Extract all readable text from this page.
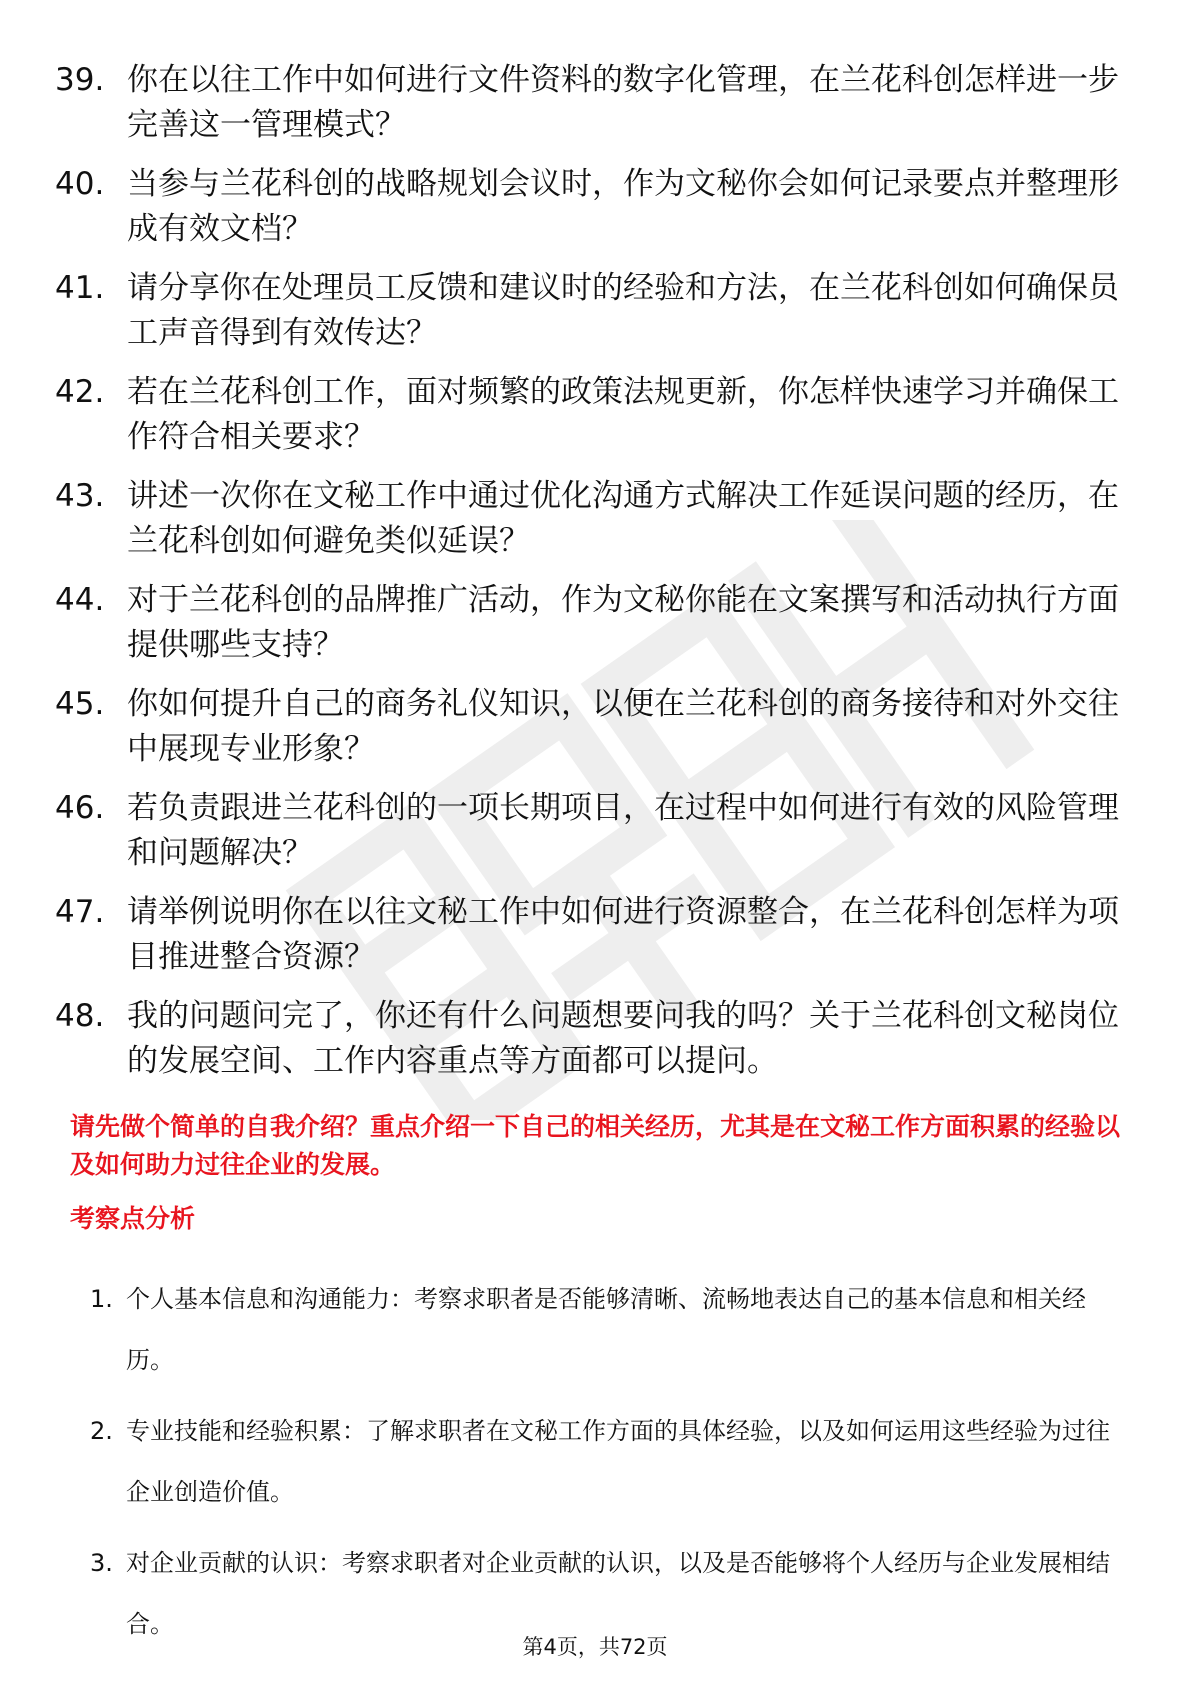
39. 你在以往工作中如何进行文件资料的数字化管理，在兰花科创怎样进一步完善这一管理模式？
40. 当参与兰花科创的战略规划会议时，作为文秘你会如何记录要点并整理形成有效文档？
41. 请分享你在处理员工反馈和建议时的经验和方法，在兰花科创如何确保员工声音得到有效传达？
42. 若在兰花科创工作，面对频繁的政策法规更新，你怎样快速学习并确保工作符合相关要求？
43. 讲述一次你在文秘工作中通过优化沟通方式解决工作延误问题的经历，在兰花科创如何避免类似延误？
44. 对于兰花科创的品牌推广活动，作为文秘你能在文案撰写和活动执行方面提供哪些支持？
45. 你如何提升自己的商务礼仪知识，以便在兰花科创的商务接待和对外交往中展现专业形象？
46. 若负责跟进兰花科创的一项长期项目，在过程中如何进行有效的风险管理和问题解决？
47. 请举例说明你在以往文秘工作中如何进行资源整合，在兰花科创怎样为项目推进整合资源？
48. 我的问题问完了，你还有什么问题想要问我的吗？关于兰花科创文秘岗位的发展空间、工作内容重点等方面都可以提问。
请先做个简单的自我介绍？重点介绍一下自己的相关经历，尤其是在文秘工作方面积累的经验以及如何助力过往企业的发展。
考察点分析
1. 个人基本信息和沟通能力：考察求职者是否能够清晰、流畅地表达自己的基本信息和相关经历。
2. 专业技能和经验积累：了解求职者在文秘工作方面的具体经验，以及如何运用这些经验为过往企业创造价值。
3. 对企业贡献的认识：考察求职者对企业贡献的认识，以及是否能够将个人经历与企业发展相结合。
第4页，共72页
